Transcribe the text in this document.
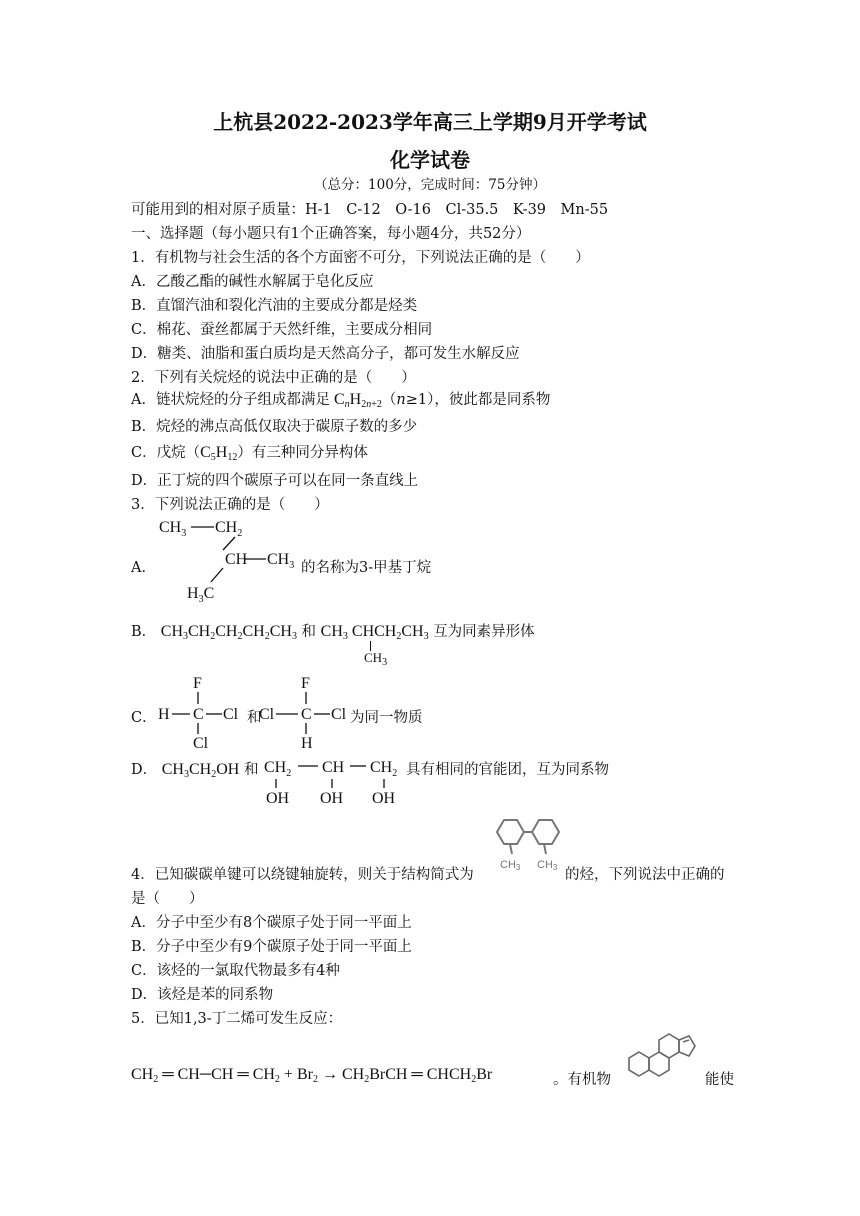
上杭县2022-2023学年高三上学期9月开学考试
化学试卷
（总分：100分，完成时间：75分钟）
可能用到的相对原子质量：H-1　C-12　O-16　Cl-35.5　K-39　Mn-55
一、选择题（每小题只有1个正确答案，每小题4分，共52分）
1．有机物与社会生活的各个方面密不可分，下列说法正确的是（　　）
A．乙酸乙酯的碱性水解属于皂化反应
B．直馏汽油和裂化汽油的主要成分都是烃类
C．棉花、蚕丝都属于天然纤维，主要成分相同
D．糖类、油脂和蛋白质均是天然高分子，都可发生水解反应
2．下列有关烷烃的说法中正确的是（　　）
A．链状烷烃的分子组成都满足 $C_nH_{2n+2}(n\ge 1)$，彼此都是同系物
B．烷烃的沸点高低仅取决于碳原子数的多少
C．戊烷$(C_5H_{12})$有三种同分异构体
D．正丁烷的四个碳原子可以在同一条直线上
3．下列说法正确的是（　　）
A．
$CH_3$ $CH_2$
CH $CH_3$
$H_3C$
的名称为3-甲基丁烷
B． $CH_3CH_2CH_2CH_2CH_3$ 和 $CH_3$ $CHCH_2CH_3$ 互为同素异形体
$CH_3$
C．
F
H C Cl
Cl
F
Cl C Cl
H
和	为同一物质
D． $CH_3CH_2OH$ 和 $CH_2$ CH $CH_2$
OH OH OH
具有相同的官能团，互为同系物
4．已知碳碳单键可以绕键轴旋转，则关于结构简式为
CH3 CH3 的烃，下列说法中正确的
是（　　）
A．分子中至少有8个碳原子处于同一平面上
B．分子中至少有9个碳原子处于同一平面上
C．该烃的一氯取代物最多有4种
D．该烃是苯的同系物
5．已知1,3-丁二烯可发生反应：
$CH_2$ ═ CH─CH ═ $CH_2 + Br_2$ → $CH_2BrCH$ ═ $CHCH_2Br$	。有机物	能使
